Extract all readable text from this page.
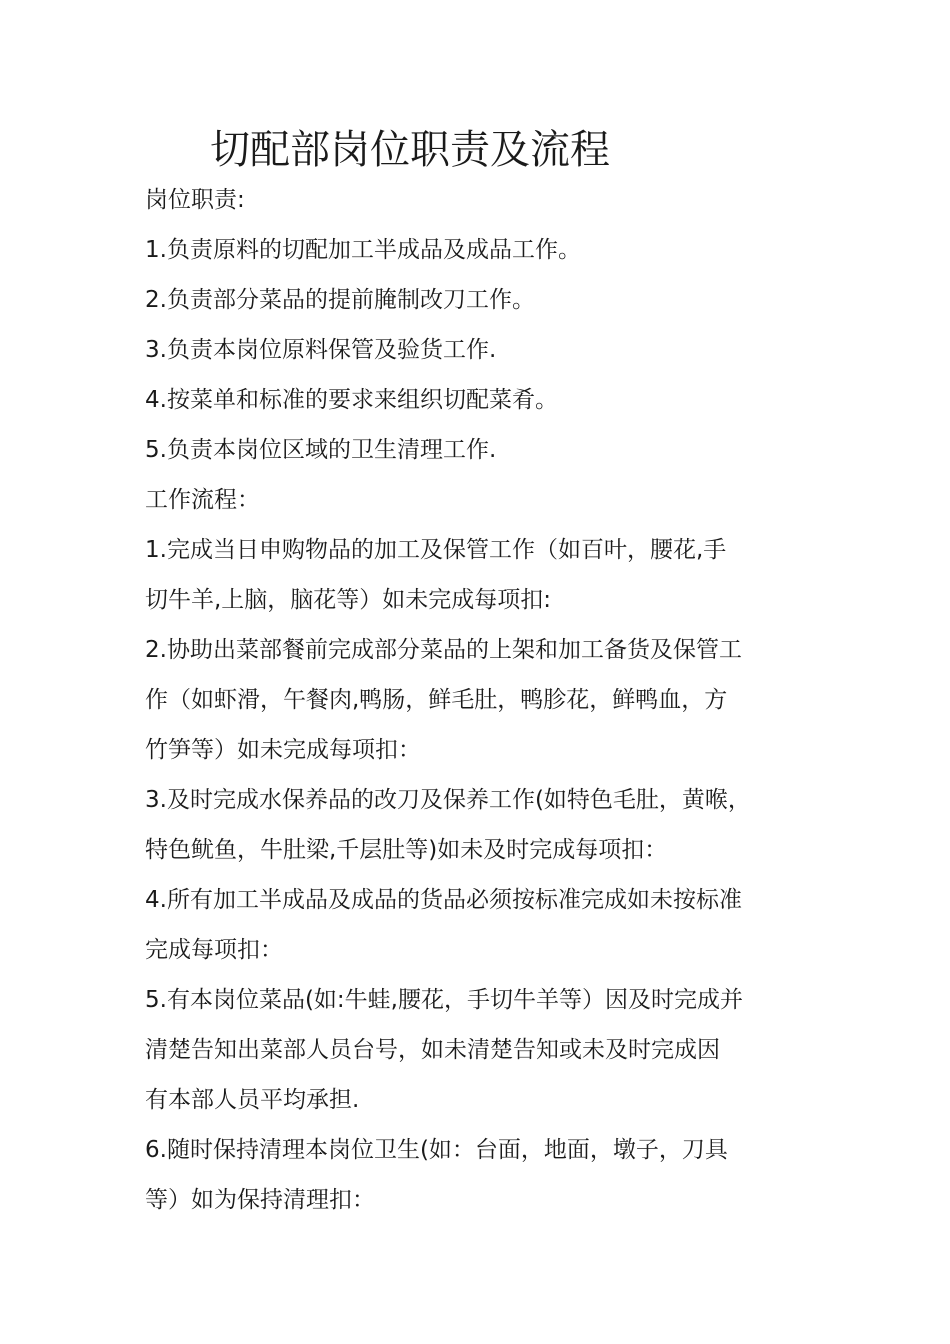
切配部岗位职责及流程

岗位职责:

1.负责原料的切配加工半成品及成品工作。

2.负责部分菜品的提前腌制改刀工作。

3.负责本岗位原料保管及验货工作.

4.按菜单和标准的要求来组织切配菜肴。

5.负责本岗位区域的卫生清理工作.

工作流程：

1.完成当日申购物品的加工及保管工作（如百叶，腰花,手

切牛羊,上脑，脑花等）如未完成每项扣:

2.协助出菜部餐前完成部分菜品的上架和加工备货及保管工

作（如虾滑，午餐肉,鸭肠，鲜毛肚，鸭胗花，鲜鸭血，方

竹笋等）如未完成每项扣：

3.及时完成水保养品的改刀及保养工作(如特色毛肚，黄喉，

特色鱿鱼，牛肚梁,千层肚等)如未及时完成每项扣：

4.所有加工半成品及成品的货品必须按标准完成如未按标准

完成每项扣：

5.有本岗位菜品(如:牛蛙,腰花，手切牛羊等）因及时完成并

清楚告知出菜部人员台号，如未清楚告知或未及时完成因

有本部人员平均承担.

6.随时保持清理本岗位卫生(如：台面，地面，墩子，刀具

等）如为保持清理扣：
